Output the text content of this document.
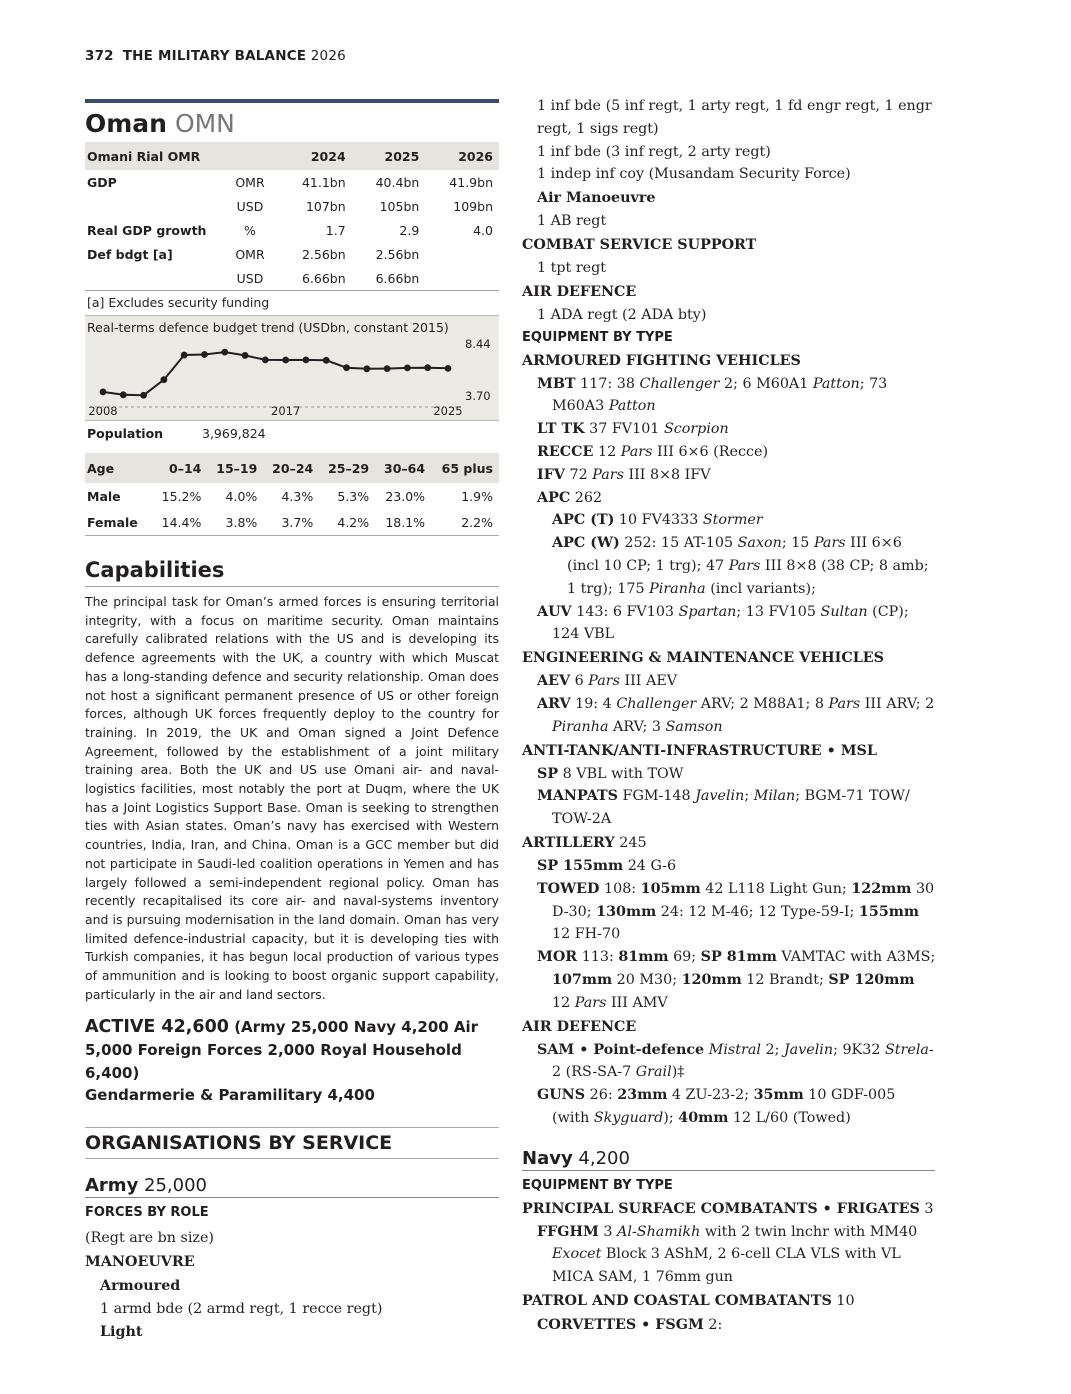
372 THE MILITARY BALANCE 2026
Oman OMN
Omani Rial OMR		2024	2025	2026
GDP	OMR	41.1bn	40.4bn	41.9bn
	USD	107bn	105bn	109bn
Real GDP growth	%	1.7	2.9	4.0
Def bdgt [a]	OMR	2.56bn	2.56bn	
	USD	6.66bn	6.66bn	
[a] Excludes security funding
Real-terms defence budget trend (USDbn, constant 2015)
8.44
3.70
2008	2017	2025
Population	3,969,824
Age	0–14	15–19	20–24	25–29	30–64	65 plus
Male	15.2%	4.0%	4.3%	5.3%	23.0%	1.9%
Female	14.4%	3.8%	3.7%	4.2%	18.1%	2.2%
Capabilities
The principal task for Oman’s armed forces is ensuring territorial integrity, with a focus on maritime security. Oman maintains carefully calibrated relations with the US and is developing its defence agreements with the UK, a country with which Muscat has a long-standing defence and security relationship. Oman does not host a significant permanent presence of US or other foreign forces, although UK forces frequently deploy to the country for training. In 2019, the UK and Oman signed a Joint Defence Agreement, followed by the establishment of a joint military training area. Both the UK and US use Omani air- and naval-logistics facilities, most notably the port at Duqm, where the UK has a Joint Logistics Support Base. Oman is seeking to strengthen ties with Asian states. Oman’s navy has exercised with Western countries, India, Iran, and China. Oman is a GCC member but did not participate in Saudi-led coalition operations in Yemen and has largely followed a semi-independent regional policy. Oman has recently recapitalised its core air- and naval-systems inventory and is pursuing modernisation in the land domain. Oman has very limited defence-industrial capacity, but it is developing ties with Turkish companies, it has begun local production of various types of ammunition and is looking to boost organic support capability, particularly in the air and land sectors.
ACTIVE 42,600 (Army 25,000 Navy 4,200 Air
5,000 Foreign Forces 2,000 Royal Household 6,400)
Gendarmerie & Paramilitary 4,400
ORGANISATIONS BY SERVICE
Army 25,000
FORCES BY ROLE
(Regt are bn size)
MANOEUVRE
Armoured
1 armd bde (2 armd regt, 1 recce regt)
Light
1 inf bde (5 inf regt, 1 arty regt, 1 fd engr regt, 1 engr
regt, 1 sigs regt)
1 inf bde (3 inf regt, 2 arty regt)
1 indep inf coy (Musandam Security Force)
Air Manoeuvre
1 AB regt
COMBAT SERVICE SUPPORT
1 tpt regt
AIR DEFENCE
1 ADA regt (2 ADA bty)
EQUIPMENT BY TYPE
ARMOURED FIGHTING VEHICLES
MBT 117: 38 Challenger 2; 6 M60A1 Patton; 73 M60A3 Patton
LT TK 37 FV101 Scorpion
RECCE 12 Pars III 6×6 (Recce)
IFV 72 Pars III 8×8 IFV
APC 262
APC (T) 10 FV4333 Stormer
APC (W) 252: 15 AT-105 Saxon; 15 Pars III 6×6 (incl 10 CP; 1 trg); 47 Pars III 8×8 (38 CP; 8 amb; 1 trg); 175 Piranha (incl variants);
AUV 143: 6 FV103 Spartan; 13 FV105 Sultan (CP); 124 VBL
ENGINEERING & MAINTENANCE VEHICLES
AEV 6 Pars III AEV
ARV 19: 4 Challenger ARV; 2 M88A1; 8 Pars III ARV; 2 Piranha ARV; 3 Samson
ANTI-TANK/ANTI-INFRASTRUCTURE • MSL
SP 8 VBL with TOW
MANPATS FGM-148 Javelin; Milan; BGM-71 TOW/ TOW-2A
ARTILLERY 245
SP 155mm 24 G-6
TOWED 108: 105mm 42 L118 Light Gun; 122mm 30 D-30; 130mm 24: 12 M-46; 12 Type-59-I; 155mm 12 FH-70
MOR 113: 81mm 69; SP 81mm VAMTAC with A3MS; 107mm 20 M30; 120mm 12 Brandt; SP 120mm 12 Pars III AMV
AIR DEFENCE
SAM • Point-defence Mistral 2; Javelin; 9K32 Strela-2 (RS-SA-7 Grail)‡
GUNS 26: 23mm 4 ZU-23-2; 35mm 10 GDF-005 (with Skyguard); 40mm 12 L/60 (Towed)
Navy 4,200
EQUIPMENT BY TYPE
PRINCIPAL SURFACE COMBATANTS • FRIGATES 3
FFGHM 3 Al-Shamikh with 2 twin lnchr with MM40 Exocet Block 3 AShM, 2 6-cell CLA VLS with VL MICA SAM, 1 76mm gun
PATROL AND COASTAL COMBATANTS 10
CORVETTES • FSGM 2:
